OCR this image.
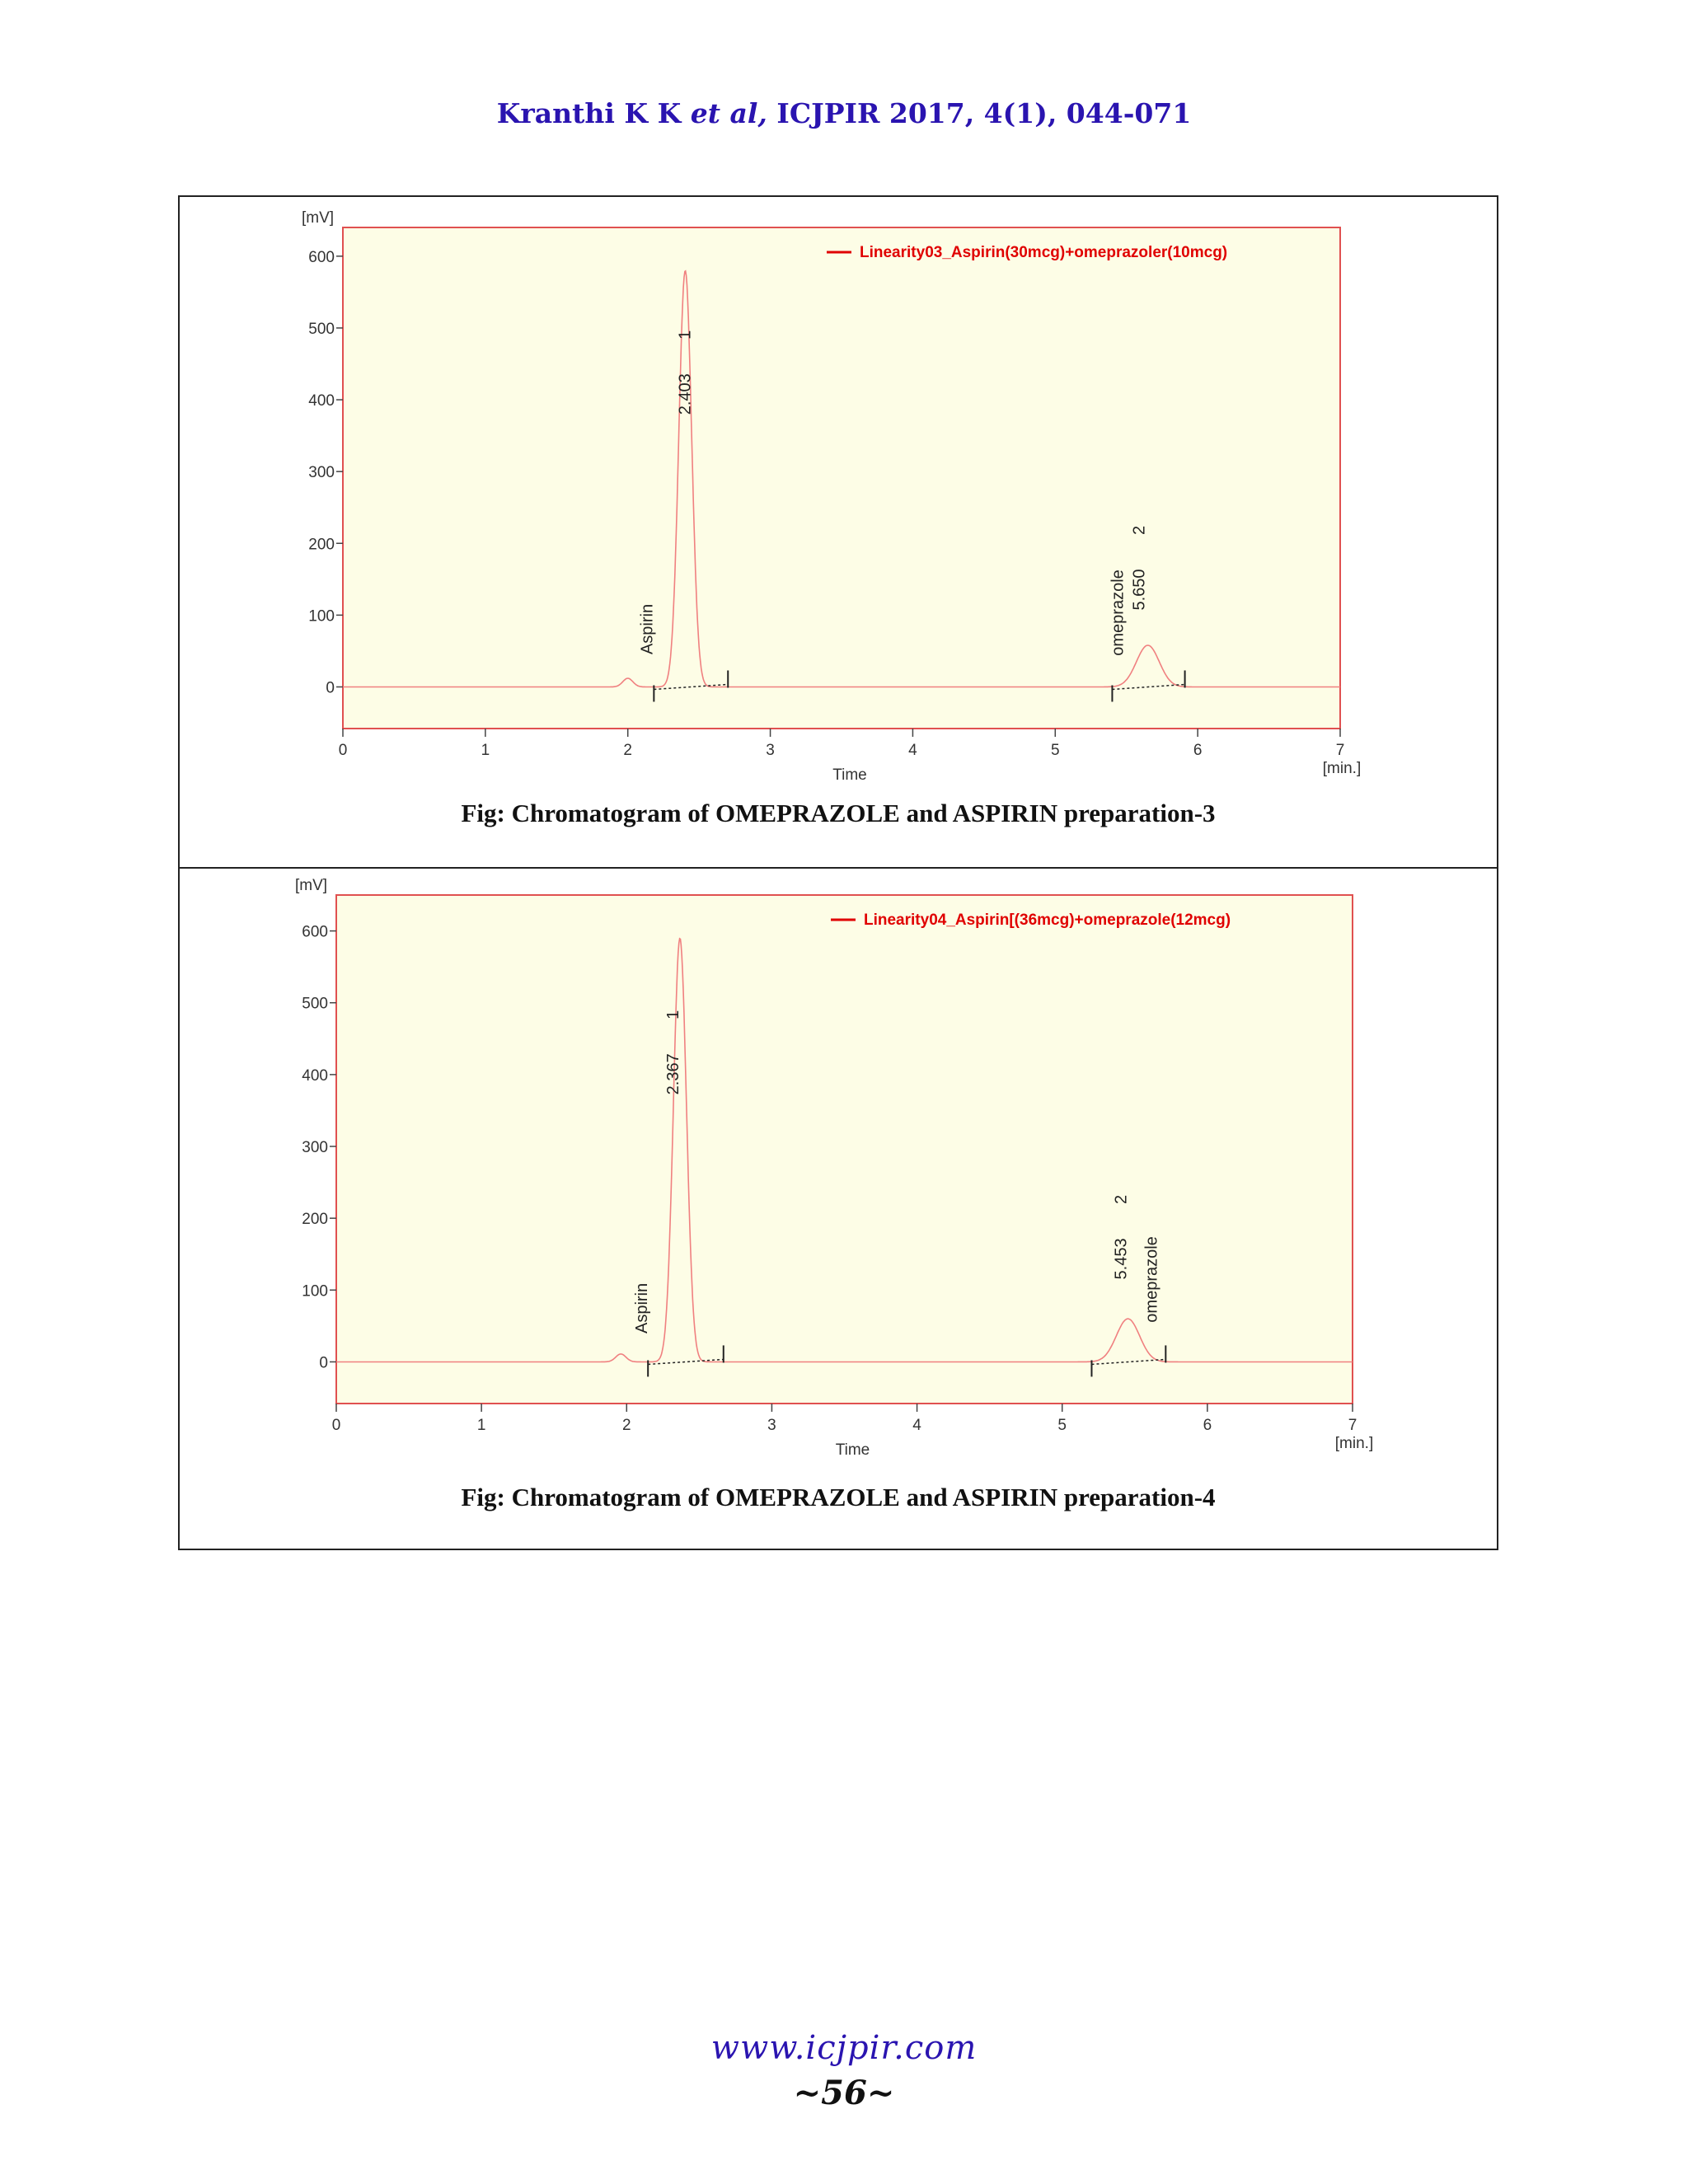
Kranthi K K et al, ICJPIR 2017, 4(1), 044-071
0
100
200
300
400
500
600
[mV]
0	1	2	3	4	5	6	7
Time	[min.]
Aspirin
2.403
1
omeprazole 5.650
2
Linearity03_Aspirin(30mcg)+omeprazoler(10mcg)
Fig: Chromatogram of OMEPRAZOLE and ASPIRIN preparation-3
0
100
200
300
400
500
600
[mV]
0	1	2	3	4	5	6	7
Time	[min.]
Aspirin
2.367
1
omeprazole
5.453
2
Linearity04_Aspirin[(36mcg)+omeprazole(12mcg)
Fig: Chromatogram of OMEPRAZOLE and ASPIRIN preparation-4
www.icjpir.com
~56~
